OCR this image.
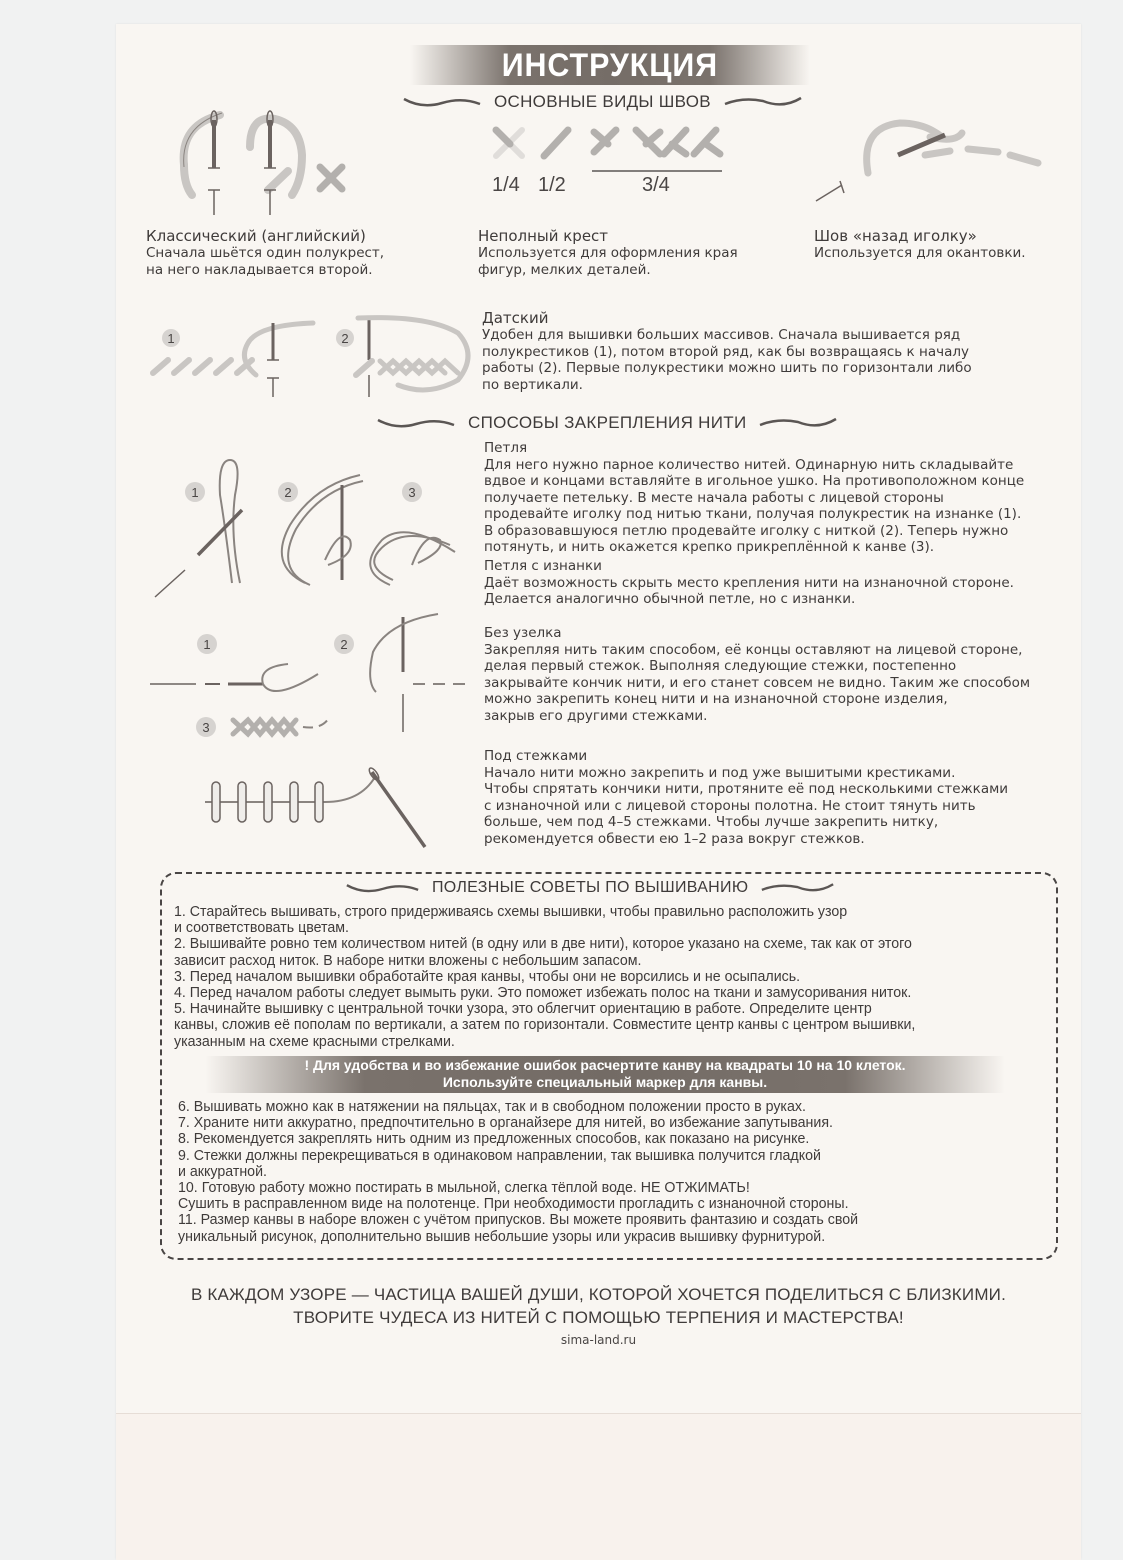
ИНСТРУКЦИЯ
ОСНОВНЫЕ ВИДЫ ШВОВ
1/4 1/2	3/4
Классический (английский)
Сначала шьётся один полукрест,
на него накладывается второй.
Неполный крест
Используется для оформления края
фигур, мелких деталей.
Шов «назад иголку»
Используется для окантовки.
1	2
Датский
Удобен для вышивки больших массивов. Сначала вышивается ряд
полукрестиков (1), потом второй ряд, как бы возвращаясь к началу
работы (2). Первые полукрестики можно шить по горизонтали либо
по вертикали.
СПОСОБЫ ЗАКРЕПЛЕНИЯ НИТИ
1	2	3
Петля
Для него нужно парное количество нитей. Одинарную нить складывайте
вдвое и концами вставляйте в игольное ушко. На противоположном конце
получаете петельку. В месте начала работы с лицевой стороны
продевайте иголку под нитью ткани, получая полукрестик на изнанке (1).
В образовавшуюся петлю продевайте иголку с ниткой (2). Теперь нужно
потянуть, и нить окажется крепко прикреплённой к канве (3).
Петля с изнанки
Даёт возможность скрыть место крепления нити на изнаночной стороне.
Делается аналогично обычной петле, но с изнанки.
1	2
3
Без узелка
Закрепляя нить таким способом, её концы оставляют на лицевой стороне,
делая первый стежок. Выполняя следующие стежки, постепенно
закрывайте кончик нити, и его станет совсем не видно. Таким же способом
можно закрепить конец нити и на изнаночной стороне изделия,
закрыв его другими стежками.
Под стежками
Начало нити можно закрепить и под уже вышитыми крестиками.
Чтобы спрятать кончики нити, протяните её под несколькими стежками
с изнаночной или с лицевой стороны полотна. Не стоит тянуть нить
больше, чем под 4–5 стежками. Чтобы лучше закрепить нитку,
рекомендуется обвести ею 1–2 раза вокруг стежков.
ПОЛЕЗНЫЕ СОВЕТЫ ПО ВЫШИВАНИЮ
1. Старайтесь вышивать, строго придерживаясь схемы вышивки, чтобы правильно расположить узор
и соответствовать цветам.
2. Вышивайте ровно тем количеством нитей (в одну или в две нити), которое указано на схеме, так как от этого
зависит расход ниток. В наборе нитки вложены с небольшим запасом.
3. Перед началом вышивки обработайте края канвы, чтобы они не ворсились и не осыпались.
4. Перед началом работы следует вымыть руки. Это поможет избежать полос на ткани и замусоривания ниток.
5. Начинайте вышивку с центральной точки узора, это облегчит ориентацию в работе. Определите центр
канвы, сложив её пополам по вертикали, а затем по горизонтали. Совместите центр канвы с центром вышивки,
указанным на схеме красными стрелками.
! Для удобства и во избежание ошибок расчертите канву на квадраты 10 на 10 клеток.
Используйте специальный маркер для канвы.
6. Вышивать можно как в натяжении на пяльцах, так и в свободном положении просто в руках.
7. Храните нити аккуратно, предпочтительно в органайзере для нитей, во избежание запутывания.
8. Рекомендуется закреплять нить одним из предложенных способов, как показано на рисунке.
9. Стежки должны перекрещиваться в одинаковом направлении, так вышивка получится гладкой
и аккуратной.
10. Готовую работу можно постирать в мыльной, слегка тёплой воде. НЕ ОТЖИМАТЬ!
Сушить в расправленном виде на полотенце. При необходимости прогладить с изнаночной стороны.
11. Размер канвы в наборе вложен с учётом припусков. Вы можете проявить фантазию и создать свой
уникальный рисунок, дополнительно вышив небольшие узоры или украсив вышивку фурнитурой.
В КАЖДОМ УЗОРЕ — ЧАСТИЦА ВАШЕЙ ДУШИ, КОТОРОЙ ХОЧЕТСЯ ПОДЕЛИТЬСЯ С БЛИЗКИМИ.
ТВОРИТЕ ЧУДЕСА ИЗ НИТЕЙ С ПОМОЩЬЮ ТЕРПЕНИЯ И МАСТЕРСТВА!
sima-land.ru
